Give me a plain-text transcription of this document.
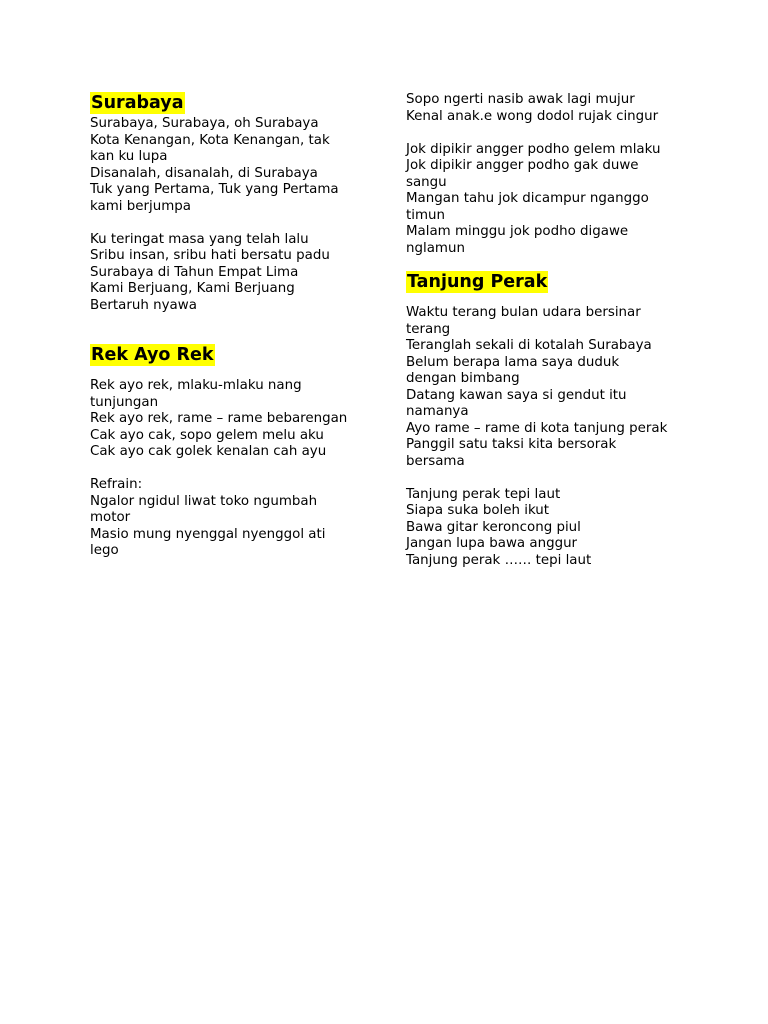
Surabaya
Surabaya, Surabaya, oh Surabaya
Kota Kenangan, Kota Kenangan, tak
kan ku lupa
Disanalah, disanalah, di Surabaya
Tuk yang Pertama, Tuk yang Pertama
kami berjumpa
Ku teringat masa yang telah lalu
Sribu insan, sribu hati bersatu padu
Surabaya di Tahun Empat Lima
Kami Berjuang, Kami Berjuang
Bertaruh nyawa
Rek Ayo Rek
Rek ayo rek, mlaku-mlaku nang
tunjungan
Rek ayo rek, rame – rame bebarengan
Cak ayo cak, sopo gelem melu aku
Cak ayo cak golek kenalan cah ayu
Refrain:
Ngalor ngidul liwat toko ngumbah
motor
Masio mung nyenggal nyenggol ati
lego
Sopo ngerti nasib awak lagi mujur
Kenal anak.e wong dodol rujak cingur
Jok dipikir angger podho gelem mlaku
Jok dipikir angger podho gak duwe
sangu
Mangan tahu jok dicampur nganggo
timun
Malam minggu jok podho digawe
nglamun
Tanjung Perak
Waktu terang bulan udara bersinar
terang
Teranglah sekali di kotalah Surabaya
Belum berapa lama saya duduk
dengan bimbang
Datang kawan saya si gendut itu
namanya
Ayo rame – rame di kota tanjung perak
Panggil satu taksi kita bersorak
bersama
Tanjung perak tepi laut
Siapa suka boleh ikut
Bawa gitar keroncong piul
Jangan lupa bawa anggur
Tanjung perak …… tepi laut
